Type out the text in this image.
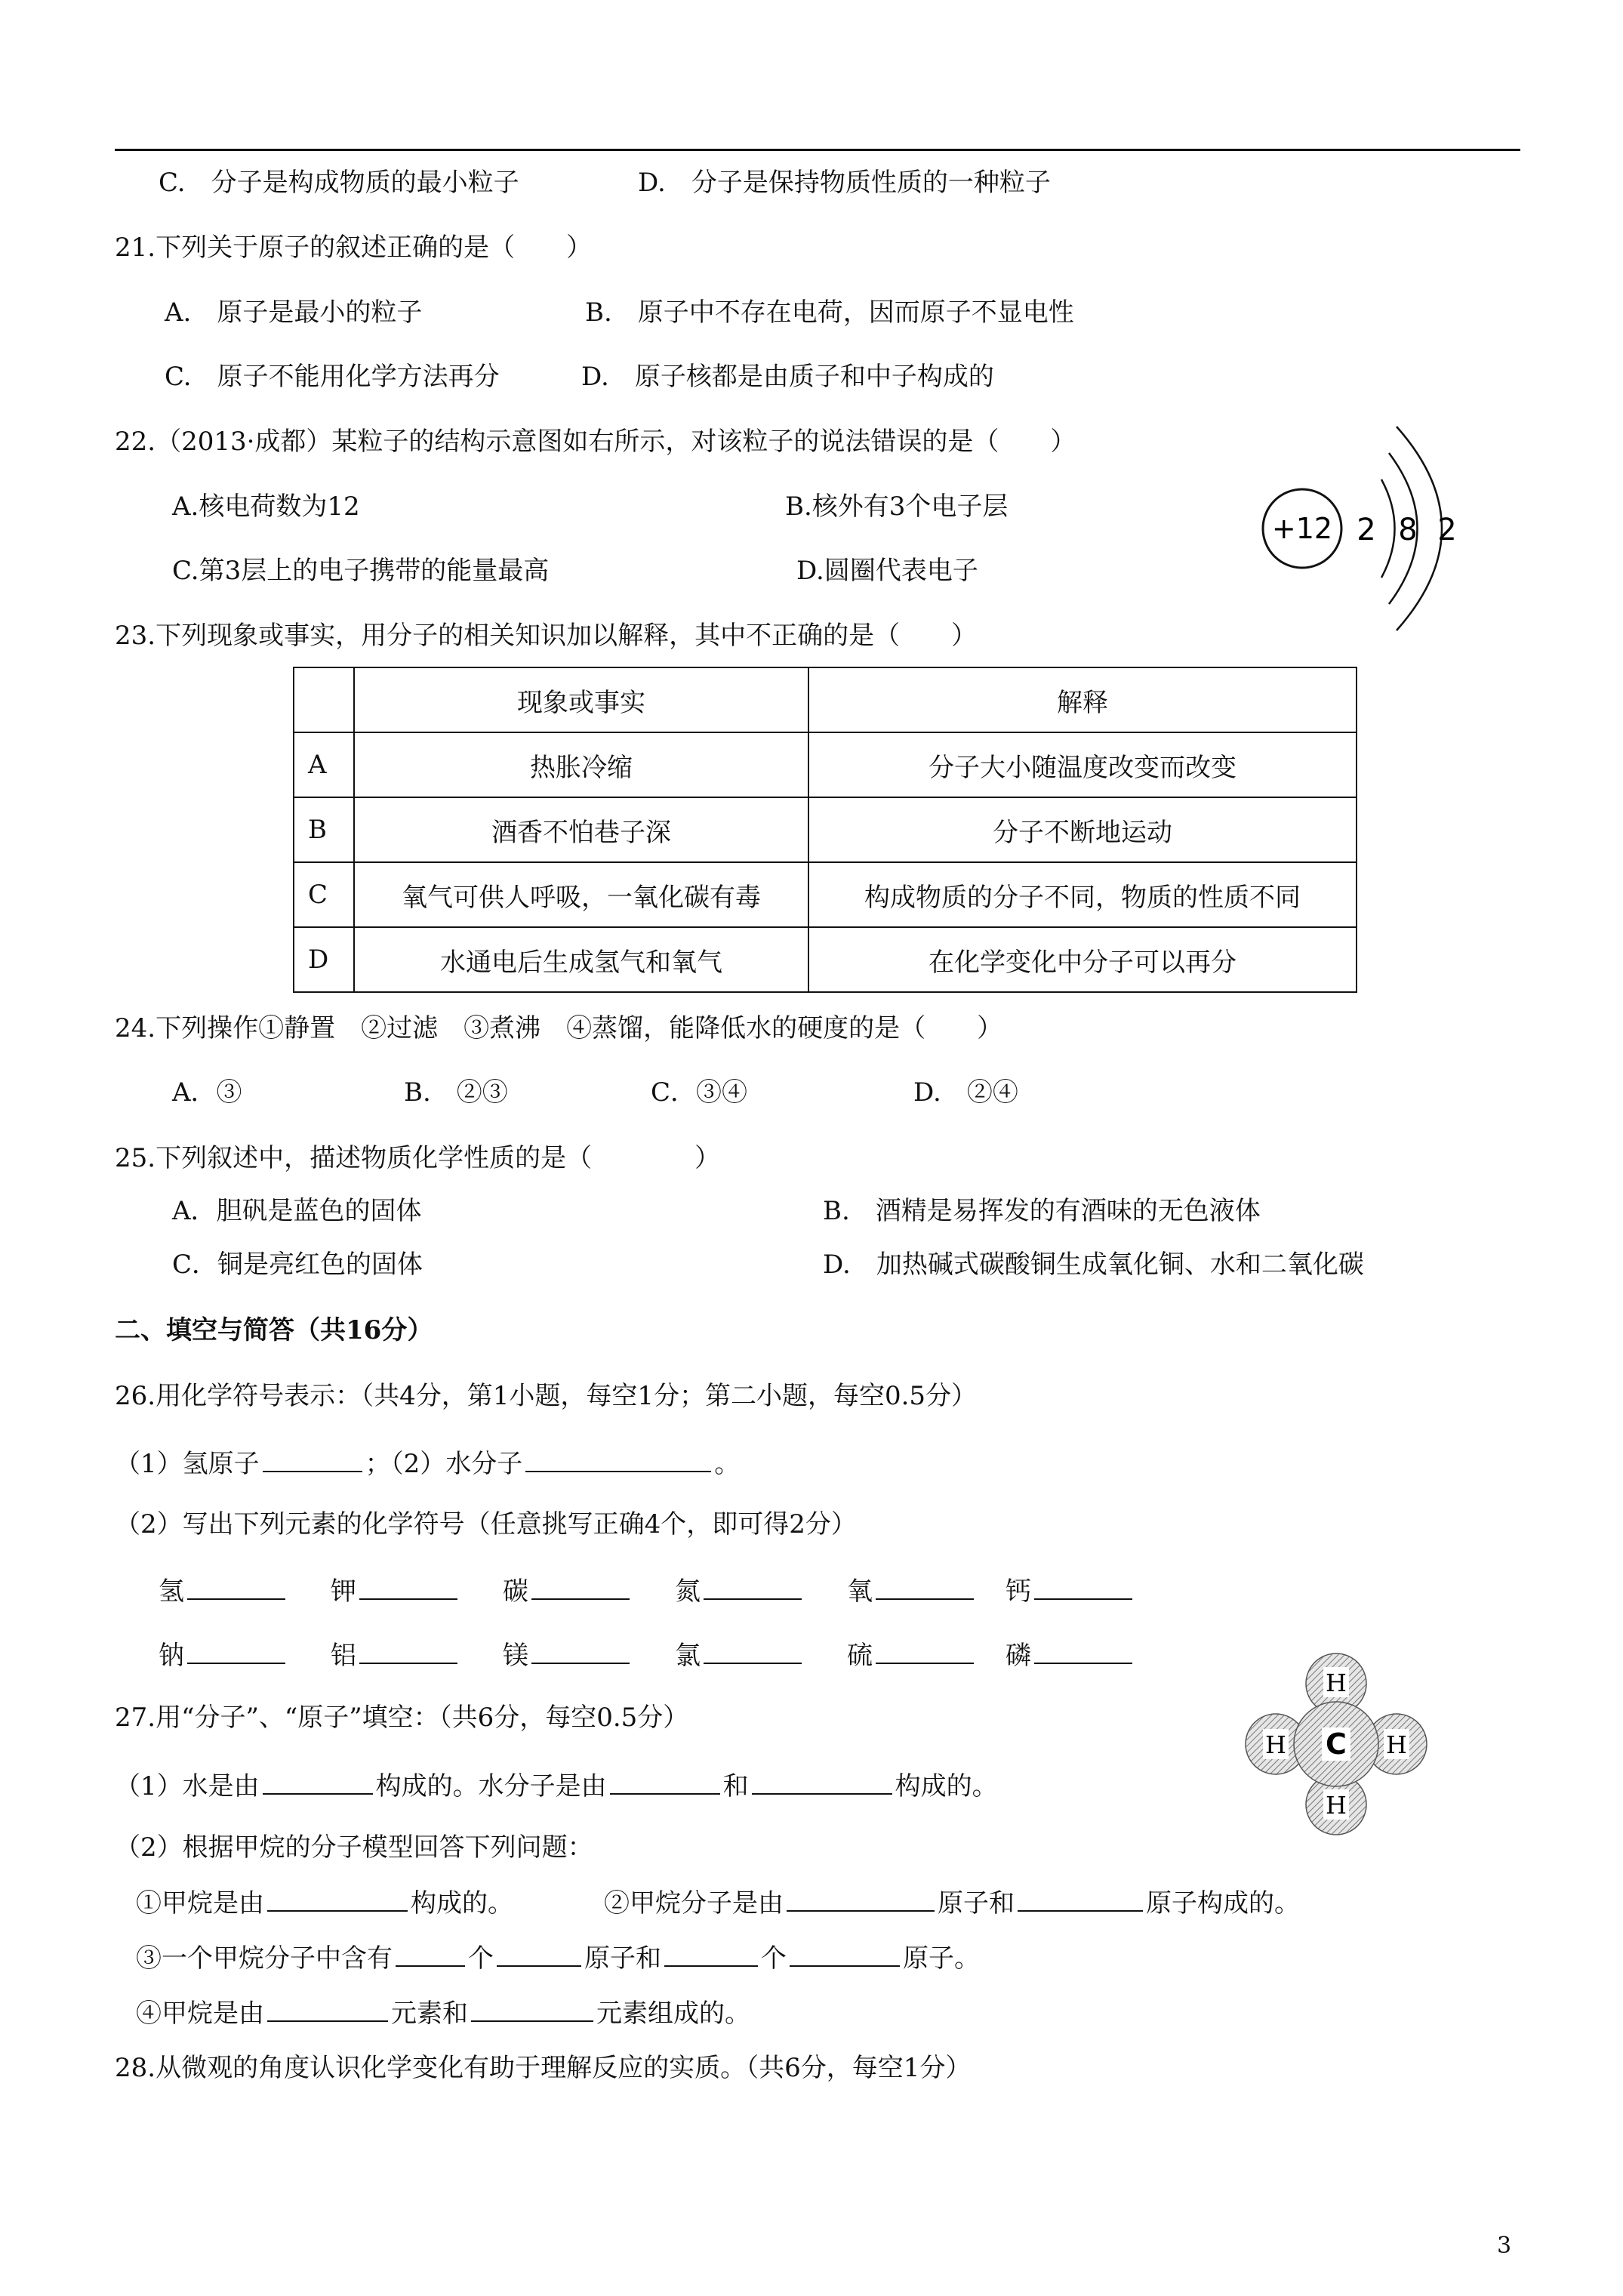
C.　分子是构成物质的最小粒子	D.　分子是保持物质性质的一种粒子
21.下列关于原子的叙述正确的是（　　）
A.　原子是最小的粒子	B.　原子中不存在电荷，因而原子不显电性
C.　原子不能用化学方法再分	D.　原子核都是由质子和中子构成的
22.（2013·成都）某粒子的结构示意图如右所示，对该粒子的说法错误的是（　　）
A.核电荷数为12	B.核外有3个电子层
C.第3层上的电子携带的能量最高	D.圆圈代表电子
+12 2 8 2
23.下列现象或事实，用分子的相关知识加以解释，其中不正确的是（　　）
	现象或事实	解释
A	热胀冷缩	分子大小随温度改变而改变
B	酒香不怕巷子深	分子不断地运动
C	氧气可供人呼吸，一氧化碳有毒	构成物质的分子不同，物质的性质不同
D	水通电后生成氢气和氧气	在化学变化中分子可以再分
24.下列操作①静置　②过滤　③煮沸　④蒸馏，能降低水的硬度的是（　　）
A．③	B.　②③	C．③④	D.　②④
25.下列叙述中，描述物质化学性质的是（　　　　）
A．胆矾是蓝色的固体	B.　酒精是易挥发的有酒味的无色液体
C．铜是亮红色的固体	D.　加热碱式碳酸铜生成氧化铜、水和二氧化碳
二、填空与简答（共16分）
26.用化学符号表示：（共4分，第1小题，每空1分；第二小题，每空0.5分）
（1）氢原子	；（2）水分子	。
（2）写出下列元素的化学符号（任意挑写正确4个，即可得2分）
氢	钾	碳	氮	氧	钙
钠	铝	镁	氯	硫	磷
H
H
H	H
C
27.用“分子”、“原子”填空：（共6分，每空0.5分）
（1）水是由	构成的。水分子是由	和	构成的。
（2）根据甲烷的分子模型回答下列问题：
①甲烷是由	构成的。	②甲烷分子是由	原子和	原子构成的。
③一个甲烷分子中含有	个	原子和	个	原子。
④甲烷是由	元素和	元素组成的。
28.从微观的角度认识化学变化有助于理解反应的实质。（共6分，每空1分）
3
